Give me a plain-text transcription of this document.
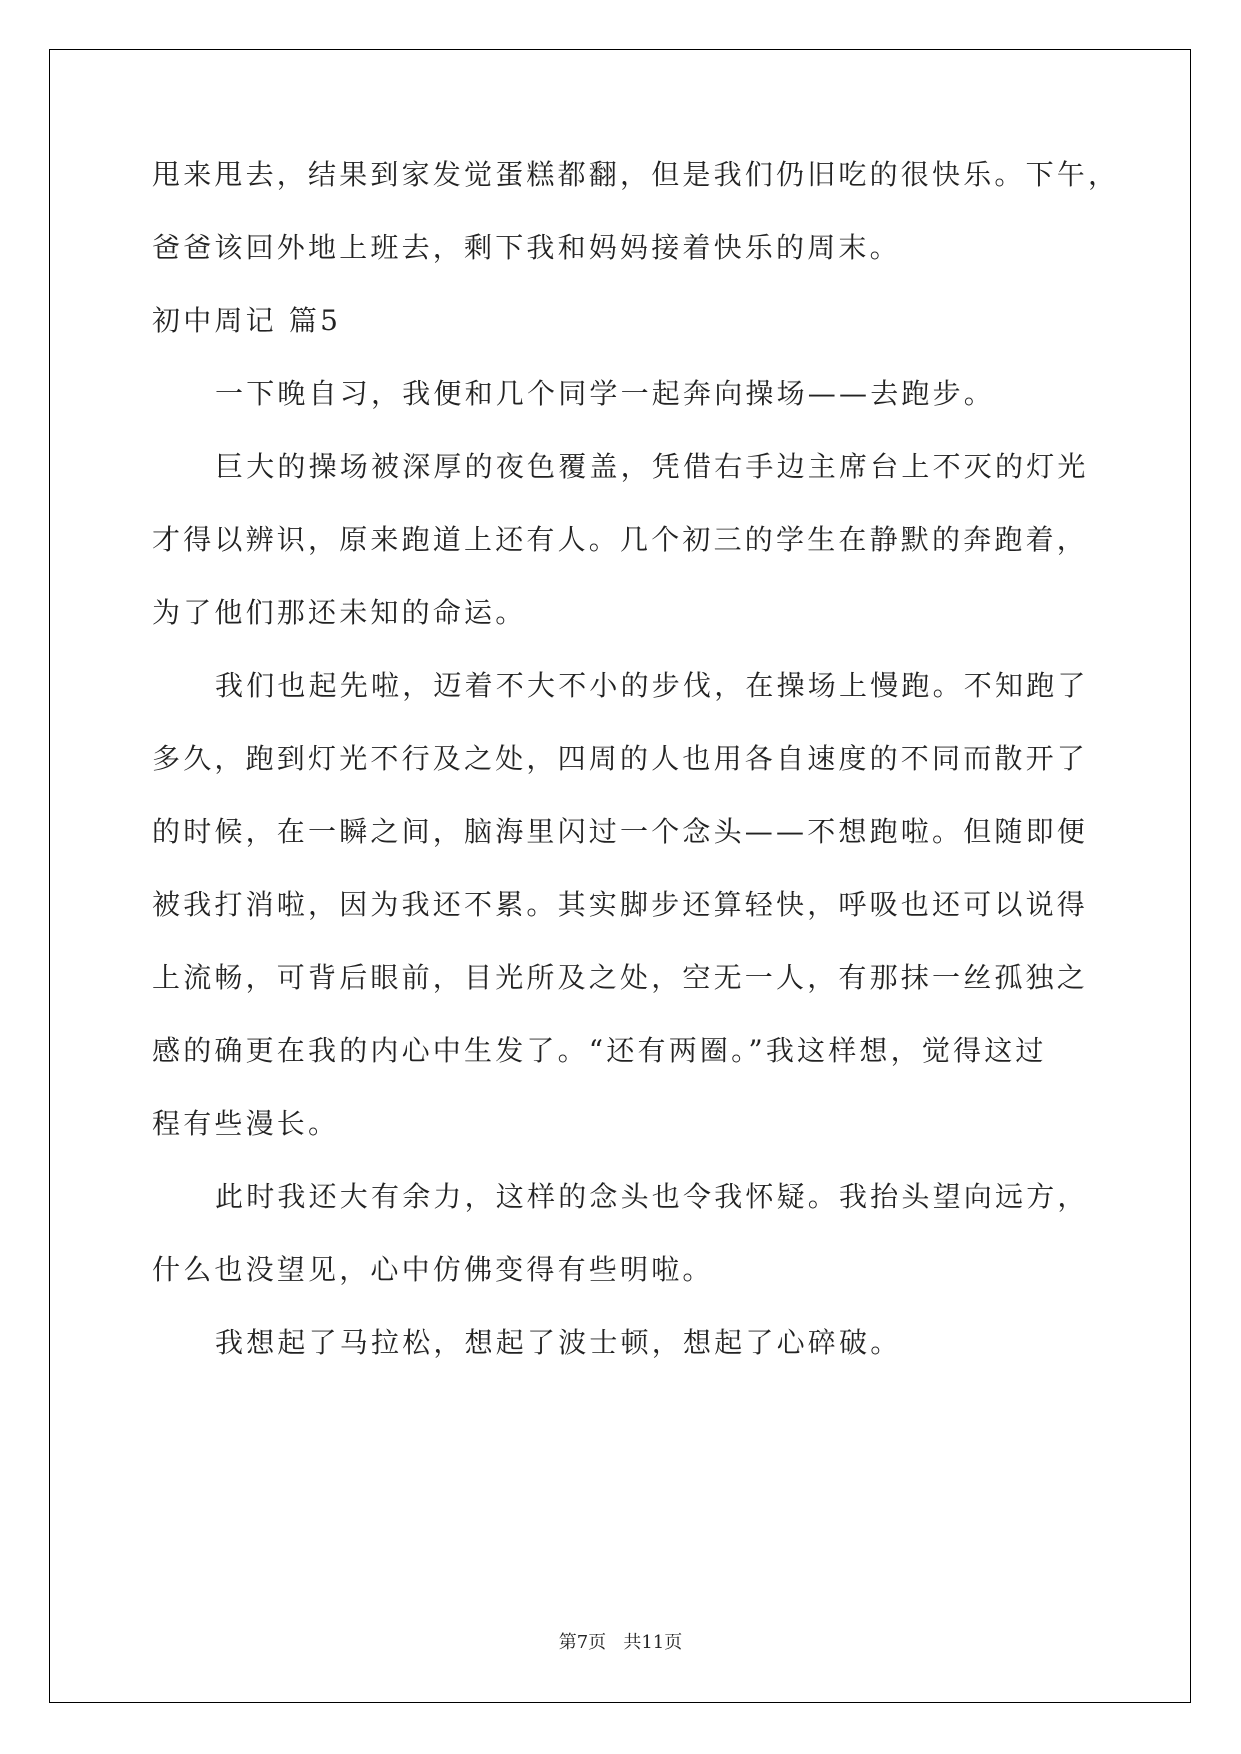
甩来甩去，结果到家发觉蛋糕都翻，但是我们仍旧吃的很快乐。下午，
爸爸该回外地上班去，剩下我和妈妈接着快乐的周末。
初中周记 篇5
一下晚自习，我便和几个同学一起奔向操场——去跑步。
巨大的操场被深厚的夜色覆盖，凭借右手边主席台上不灭的灯光
才得以辨识，原来跑道上还有人。几个初三的学生在静默的奔跑着，
为了他们那还未知的命运。
我们也起先啦，迈着不大不小的步伐，在操场上慢跑。不知跑了
多久，跑到灯光不行及之处，四周的人也用各自速度的不同而散开了
的时候，在一瞬之间，脑海里闪过一个念头——不想跑啦。但随即便
被我打消啦，因为我还不累。其实脚步还算轻快，呼吸也还可以说得
上流畅，可背后眼前，目光所及之处，空无一人，有那抹一丝孤独之
感的确更在我的内心中生发了。“还有两圈。”我这样想，觉得这过
程有些漫长。
此时我还大有余力，这样的念头也令我怀疑。我抬头望向远方，
什么也没望见，心中仿佛变得有些明啦。
我想起了马拉松，想起了波士顿，想起了心碎破。
第7页 共11页
